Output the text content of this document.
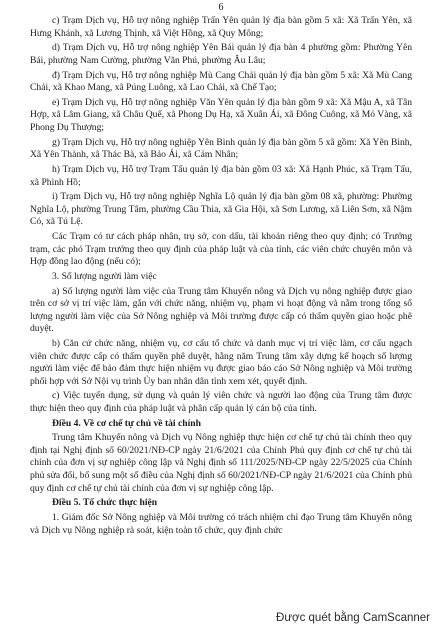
6

c) Trạm Dịch vụ, Hỗ trợ nông nghiệp Trấn Yên quản lý địa bàn gồm 5 xã: Xã Trấn Yên, xã Hưng Khánh, xã Lương Thịnh, xã Việt Hồng, xã Quy Mông;

d) Trạm Dịch vụ, Hỗ trợ nông nghiệp Yên Bái quản lý địa bàn 4 phường gồm: Phường Yên Bái, phường Nam Cường, phường Văn Phú, phường Âu Lâu;

đ) Trạm Dịch vụ, Hỗ trợ nông nghiệp Mù Cang Chải quản lý địa bàn gồm 5 xã: Xã Mù Cang Chải, xã Khao Mang, xã Púng Luông, xã Lao Chải, xã Chế Tạo;

e) Trạm Dịch vụ, Hỗ trợ nông nghiệp Văn Yên quản lý địa bàn gồm 9 xã: Xã Mậu A, xã Tân Hợp, xã Lâm Giang, xã Châu Quế, xã Phong Dụ Hạ, xã Xuân Ái, xã Đông Cuông, xã Mỏ Vàng, xã Phong Dụ Thượng;

g) Trạm Dịch vụ, Hỗ trợ nông nghiệp Yên Bình quản lý địa bàn gồm 5 xã gồm: Xã Yên Bình, Xã Yên Thành, xã Thác Bà, xã Bảo Ái, xã Cảm Nhân;

h) Trạm Dịch vụ, Hỗ trợ Trạm Tấu quản lý địa bàn gồm 03 xã: Xã Hạnh Phúc, xã Trạm Tấu, xã Phình Hồ;

i) Trạm Dịch vụ, Hỗ trợ nông nghiệp Nghĩa Lộ quản lý địa bàn gồm 08 xã, phường: Phường Nghĩa Lộ, phường Trung Tâm, phường Cầu Thìa, xã Gia Hội, xã Sơn Lương, xã Liên Sơn, xã Nậm Có, xã Tú Lệ.

Các Trạm có tư cách pháp nhân, trụ sở, con dấu, tài khoản riêng theo quy định; có Trưởng trạm, các phó Trạm trưởng theo quy định của pháp luật và của tỉnh, các viên chức chuyên môn và Hợp đồng lao động (nếu có);

3. Số lượng người làm việc

a) Số lượng người làm việc của Trung tâm Khuyến nông và Dịch vụ nông nghiệp được giao trên cơ sở vị trí việc làm, gắn với chức năng, nhiệm vụ, phạm vi hoạt động và nằm trong tổng số lượng người làm việc của Sở Nông nghiệp và Môi trường được cấp có thẩm quyền giao hoặc phê duyệt.

b) Căn cứ chức năng, nhiệm vụ, cơ cấu tổ chức và danh mục vị trí việc làm, cơ cấu ngạch viên chức được cấp có thẩm quyền phê duyệt, hằng năm Trung tâm xây dựng kế hoạch số lượng người làm việc để bảo đảm thực hiện nhiệm vụ được giao báo cáo Sở Nông nghiệp và Môi trường phối hợp với Sở Nội vụ trình Ủy ban nhân dân tỉnh xem xét, quyết định.

c) Việc tuyển dụng, sử dụng và quản lý viên chức và người lao động của Trung tâm được thực hiện theo quy định của pháp luật và phân cấp quản lý cán bộ của tỉnh.

Điều 4. Về cơ chế tự chủ về tài chính

Trung tâm Khuyến nông và Dịch vụ Nông nghiệp thực hiện cơ chế tự chủ tài chính theo quy định tại Nghị định số 60/2021/NĐ-CP ngày 21/6/2021 của Chính Phủ quy định cơ chế tự chủ tài chính của đơn vị sự nghiệp công lập và Nghị định số 111/2025/NĐ-CP ngày 22/5/2025 của Chính phủ sửa đổi, bổ sung một số điều của Nghị định số 60/2021/NĐ-CP ngày 21/6/2021 của Chính phủ quy định cơ chế tự chủ tài chính của đơn vị sự nghiệp công lập.

Điều 5. Tổ chức thực hiện

1. Giám đốc Sở Nông nghiệp và Môi trường có trách nhiệm chỉ đạo Trung tâm Khuyến nông và Dịch vụ Nông nghiệp rà soát, kiện toàn tổ chức, quy định chức

Được quét bằng CamScanner
